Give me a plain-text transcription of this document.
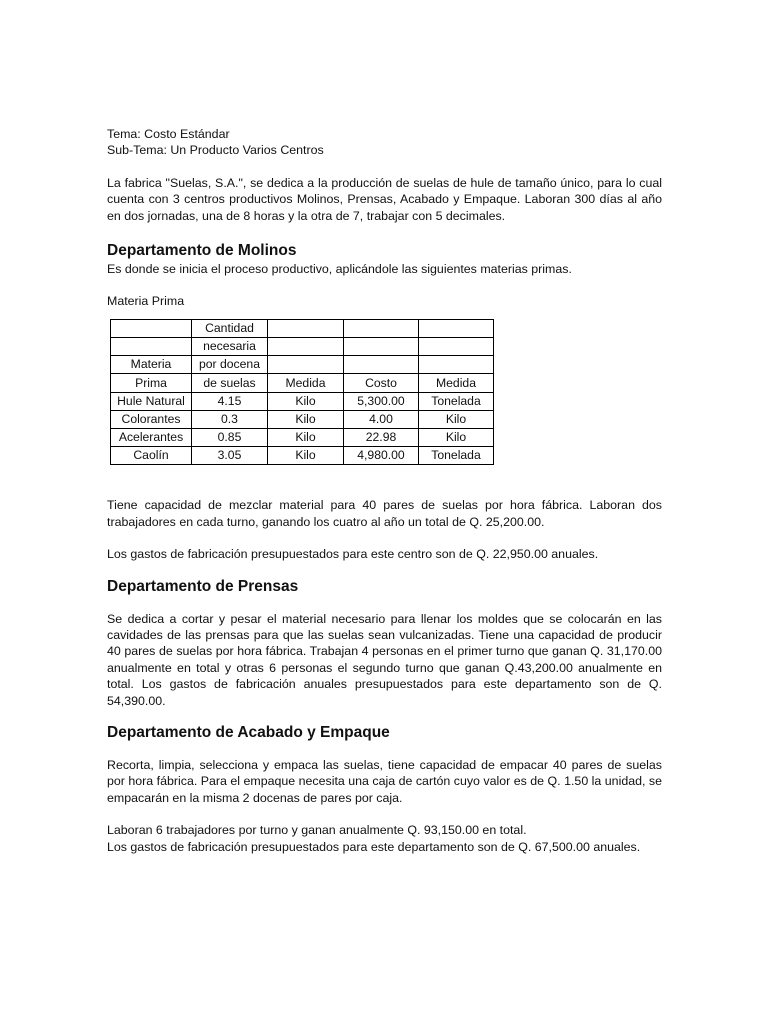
Tema: Costo Estándar

Sub-Tema: Un Producto Varios Centros

La fabrica "Suelas, S.A.", se dedica a la producción de suelas de hule de tamaño único, para lo cual cuenta con 3 centros productivos Molinos, Prensas, Acabado y Empaque. Laboran 300 días al año en dos jornadas, una de 8 horas y la otra de 7, trabajar con 5 decimales.

Departamento de Molinos

Es donde se inicia el proceso productivo, aplicándole las siguientes materias primas.

Materia Prima

	Cantidad			
	necesaria			
Materia	por docena			
Prima	de suelas	Medida	Costo	Medida
Hule Natural	4.15	Kilo	5,300.00	Tonelada
Colorantes	0.3	Kilo	4.00	Kilo
Acelerantes	0.85	Kilo	22.98	Kilo
Caolín	3.05	Kilo	4,980.00	Tonelada

Tiene capacidad de mezclar material para 40 pares de suelas por hora fábrica. Laboran dos trabajadores en cada turno, ganando los cuatro al año un total de Q. 25,200.00.

Los gastos de fabricación presupuestados para este centro son de Q. 22,950.00 anuales.

Departamento de Prensas

Se dedica a cortar y pesar el material necesario para llenar los moldes que se colocarán en las cavidades de las prensas para que las suelas sean vulcanizadas. Tiene una capacidad de producir 40 pares de suelas por hora fábrica. Trabajan 4 personas en el primer turno que ganan Q. 31,170.00 anualmente en total y otras 6 personas el segundo turno que ganan Q.43,200.00 anualmente en total. Los gastos de fabricación anuales presupuestados para este departamento son de Q. 54,390.00.

Departamento de Acabado y Empaque

Recorta, limpia, selecciona y empaca las suelas, tiene capacidad de empacar 40 pares de suelas por hora fábrica. Para el empaque necesita una caja de cartón cuyo valor es de Q. 1.50 la unidad, se empacarán en la misma 2 docenas de pares por caja.

Laboran 6 trabajadores por turno y ganan anualmente Q. 93,150.00 en total.

Los gastos de fabricación presupuestados para este departamento son de Q. 67,500.00 anuales.
